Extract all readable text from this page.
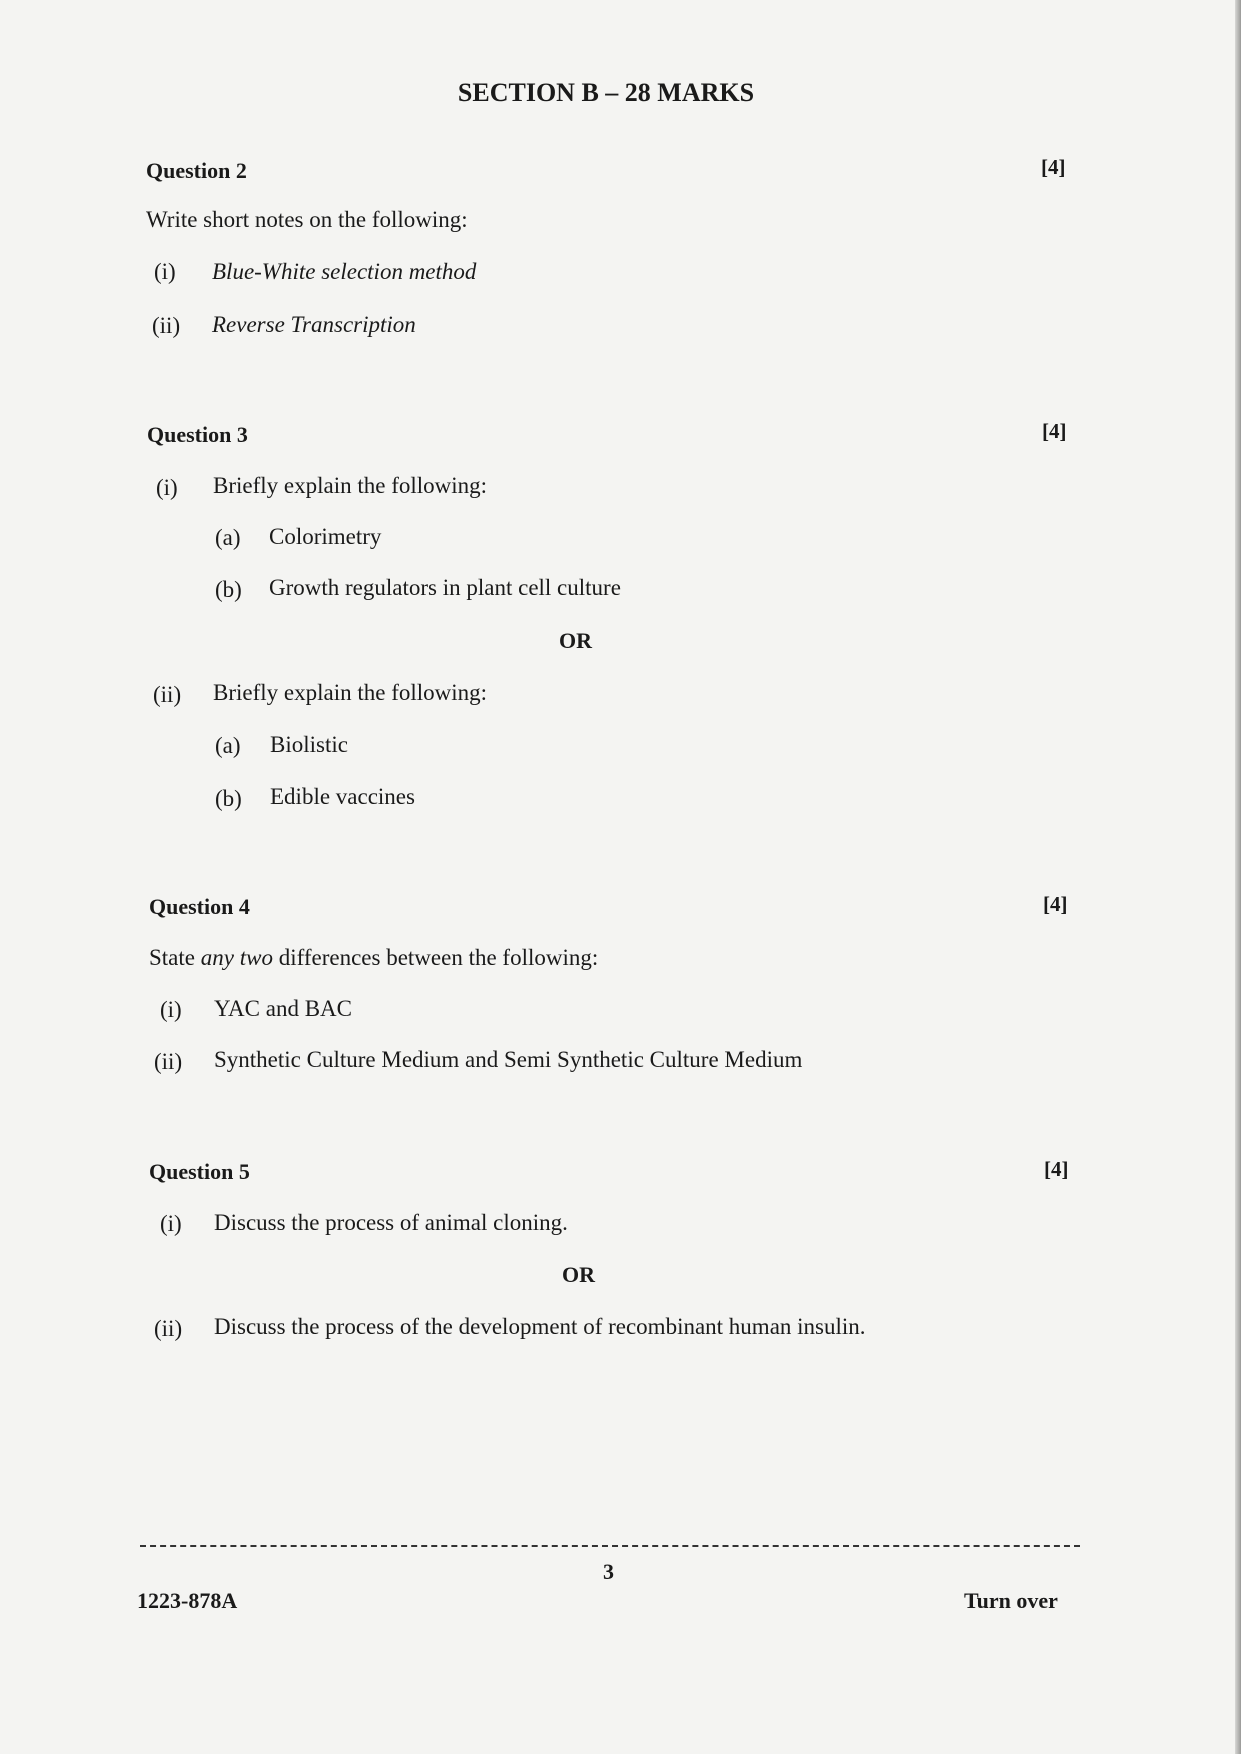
SECTION B – 28 MARKS
Question 2	[4]
Write short notes on the following:
(i) Blue-White selection method
(ii) Reverse Transcription
Question 3	[4]
(i) Briefly explain the following:
(a) Colorimetry
(b) Growth regulators in plant cell culture
OR
(ii) Briefly explain the following:
(a) Biolistic
(b) Edible vaccines
Question 4	[4]
State any two differences between the following:
(i) YAC and BAC
(ii) Synthetic Culture Medium and Semi Synthetic Culture Medium
Question 5	[4]
(i) Discuss the process of animal cloning.
OR
(ii) Discuss the process of the development of recombinant human insulin.
3
1223-878A	Turn over
